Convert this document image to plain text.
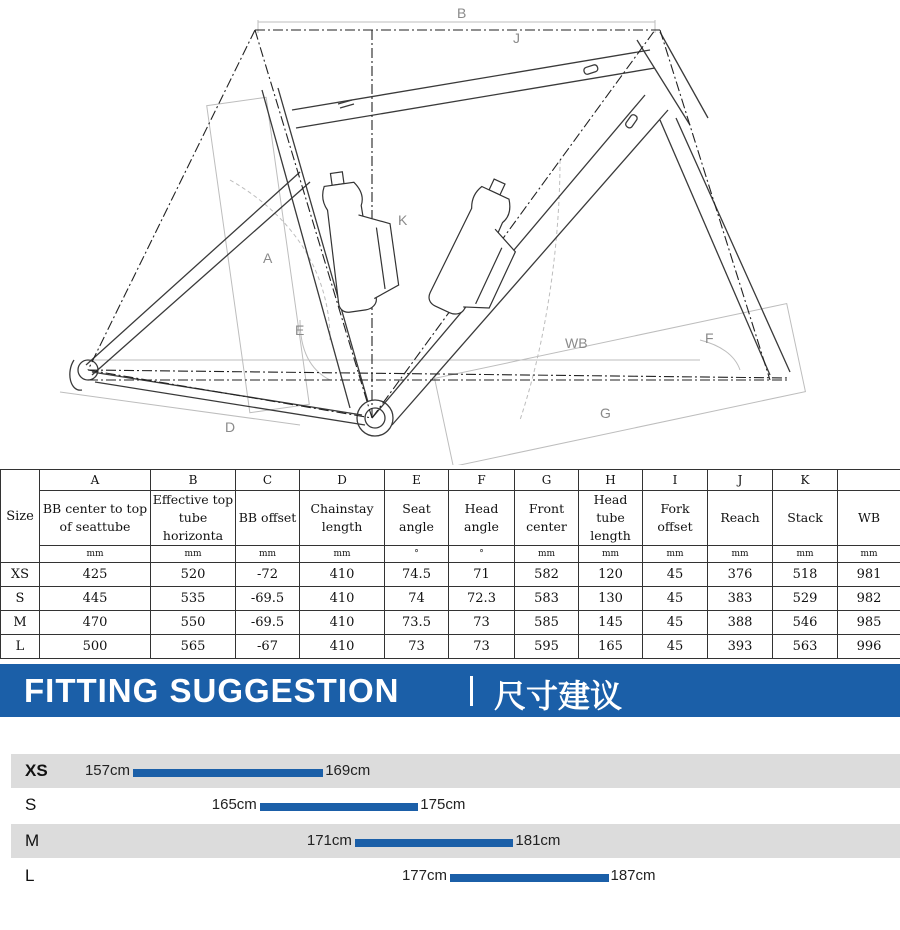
B
J
K
A
E
D
WB
G
F
Size	A	B	C	D	E	F	G	H	I	J	K	
	BB center to top of seattube	Effective top tube horizonta	BB offset	Chainstay length	Seat angle	Head angle	Front center	Head tube length	Fork offset	Reach	Stack	WB
	mm	mm	mm	mm	°	°	mm	mm	mm	mm	mm	mm
XS	425	520	-72	410	74.5	71	582	120	45	376	518	981
S	445	535	-69.5	410	74	72.3	583	130	45	383	529	982
M	470	550	-69.5	410	73.5	73	585	145	45	388	546	985
L	500	565	-67	410	73	73	595	165	45	393	563	996
FITTING SUGGESTION	尺寸建议
XS 157cm	169cm
S	165cm	175cm
M	171cm	181cm
L	177cm	187cm
